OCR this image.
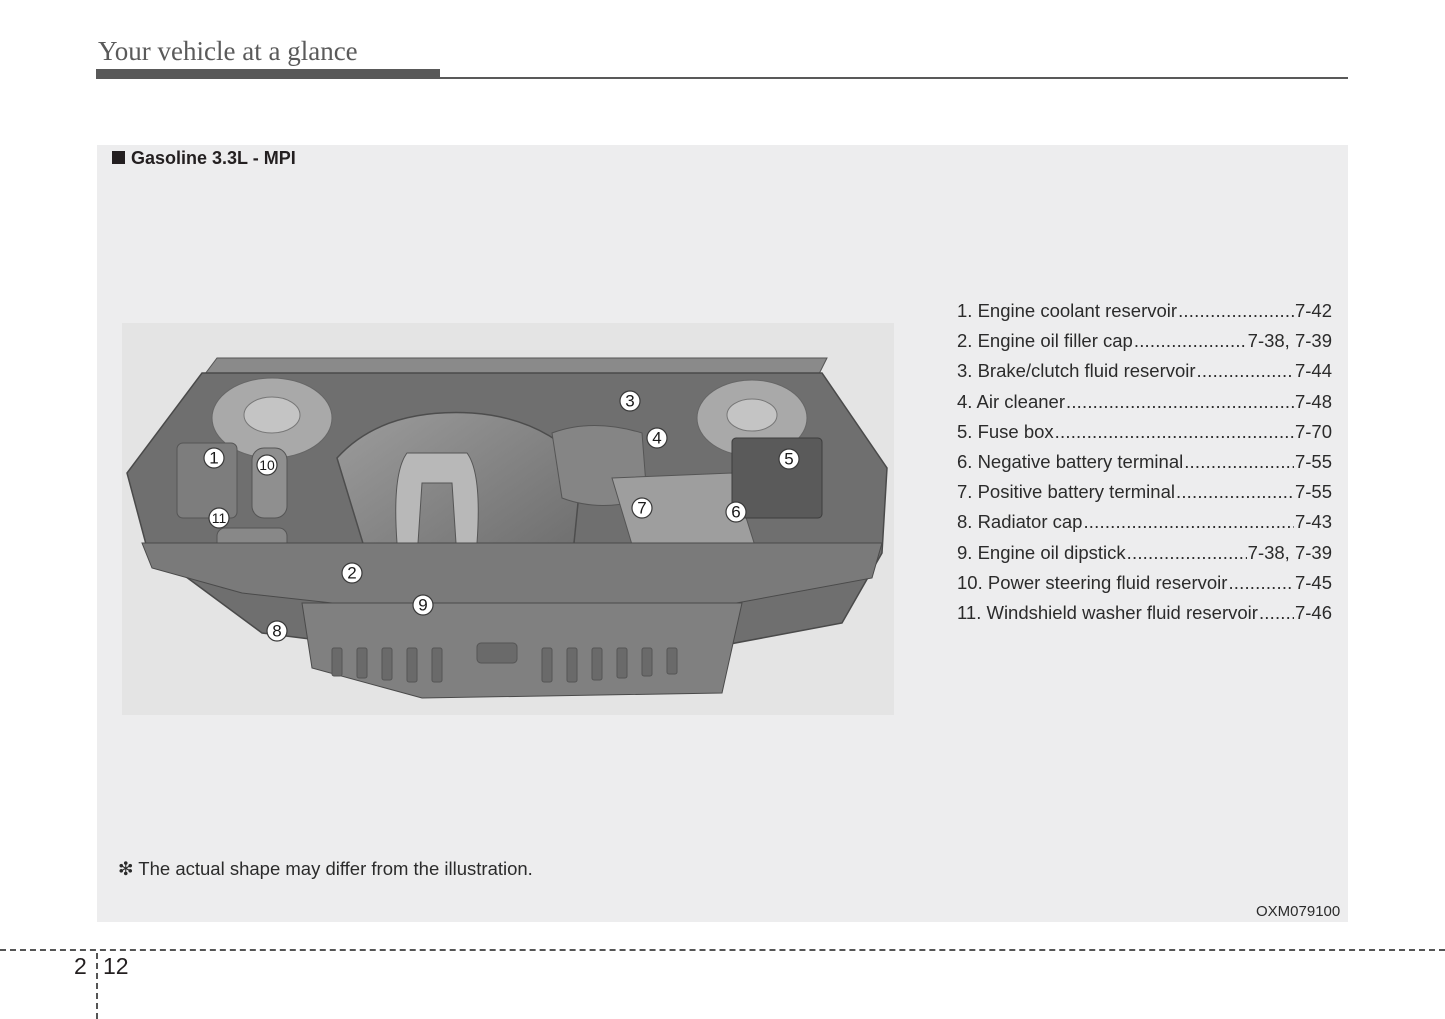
Your vehicle at a glance
Gasoline 3.3L - MPI
1
2
3
4
5
6
7
8
9
10
11
1. Engine coolant reservoir .....	7-42
2. Engine oil filler cap .....	7-38, 7-39
3. Brake/clutch fluid reservoir .....	7-44
4. Air cleaner .....	7-48
5. Fuse box .....	7-70
6. Negative battery terminal .....	7-55
7. Positive battery terminal .....	7-55
8. Radiator cap .....	7-43
9. Engine oil dipstick .....	7-38, 7-39
10. Power steering fluid reservoir .....	7-45
11. Windshield washer fluid reservoir ..... 7-46
❇ The actual shape may differ from the illustration.
OXM079100
2 12
